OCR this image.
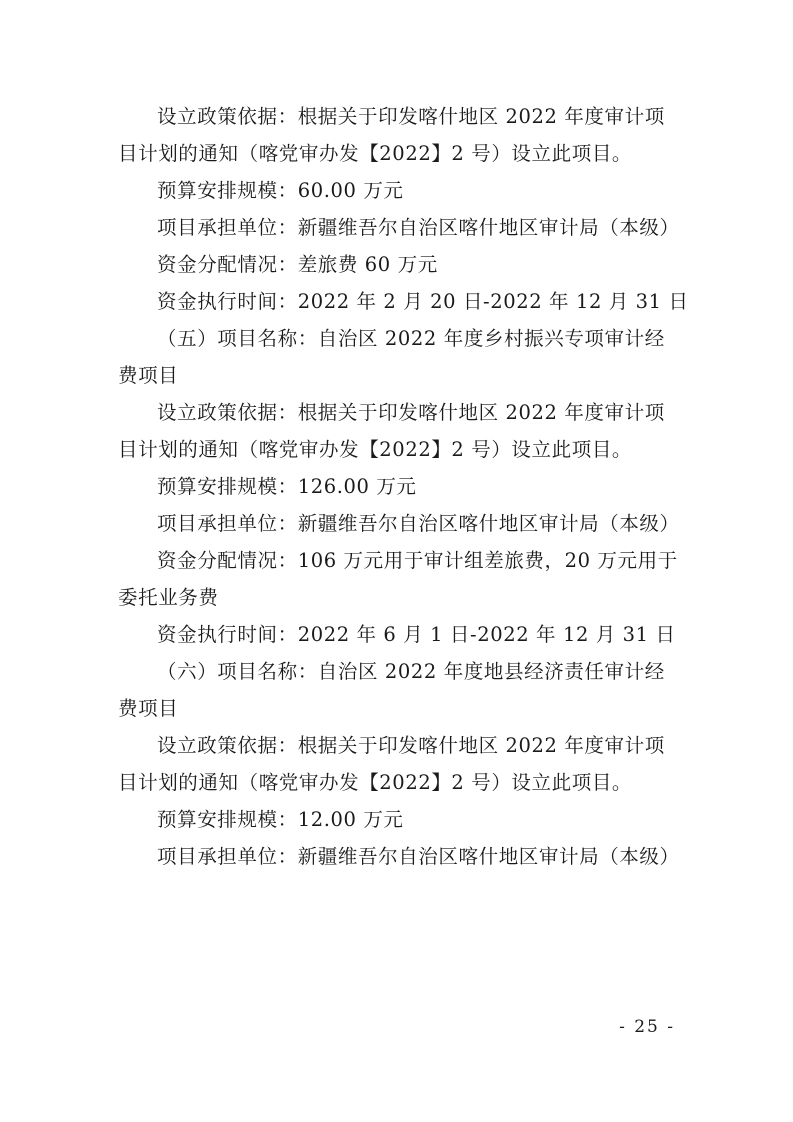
设立政策依据：根据关于印发喀什地区 2022 年度审计项目计划的通知（喀党审办发【2022】2 号）设立此项目。

预算安排规模：60.00 万元

项目承担单位：新疆维吾尔自治区喀什地区审计局（本级）

资金分配情况：差旅费 60 万元

资金执行时间：2022 年 2 月 20 日-2022 年 12 月 31 日

（五）项目名称：自治区 2022 年度乡村振兴专项审计经费项目

设立政策依据：根据关于印发喀什地区 2022 年度审计项目计划的通知（喀党审办发【2022】2 号）设立此项目。

预算安排规模：126.00 万元

项目承担单位：新疆维吾尔自治区喀什地区审计局（本级）

资金分配情况：106 万元用于审计组差旅费，20 万元用于委托业务费

资金执行时间：2022 年 6 月 1 日-2022 年 12 月 31 日

（六）项目名称：自治区 2022 年度地县经济责任审计经费项目

设立政策依据：根据关于印发喀什地区 2022 年度审计项目计划的通知（喀党审办发【2022】2 号）设立此项目。

预算安排规模：12.00 万元

项目承担单位：新疆维吾尔自治区喀什地区审计局（本级）

- 25 -
